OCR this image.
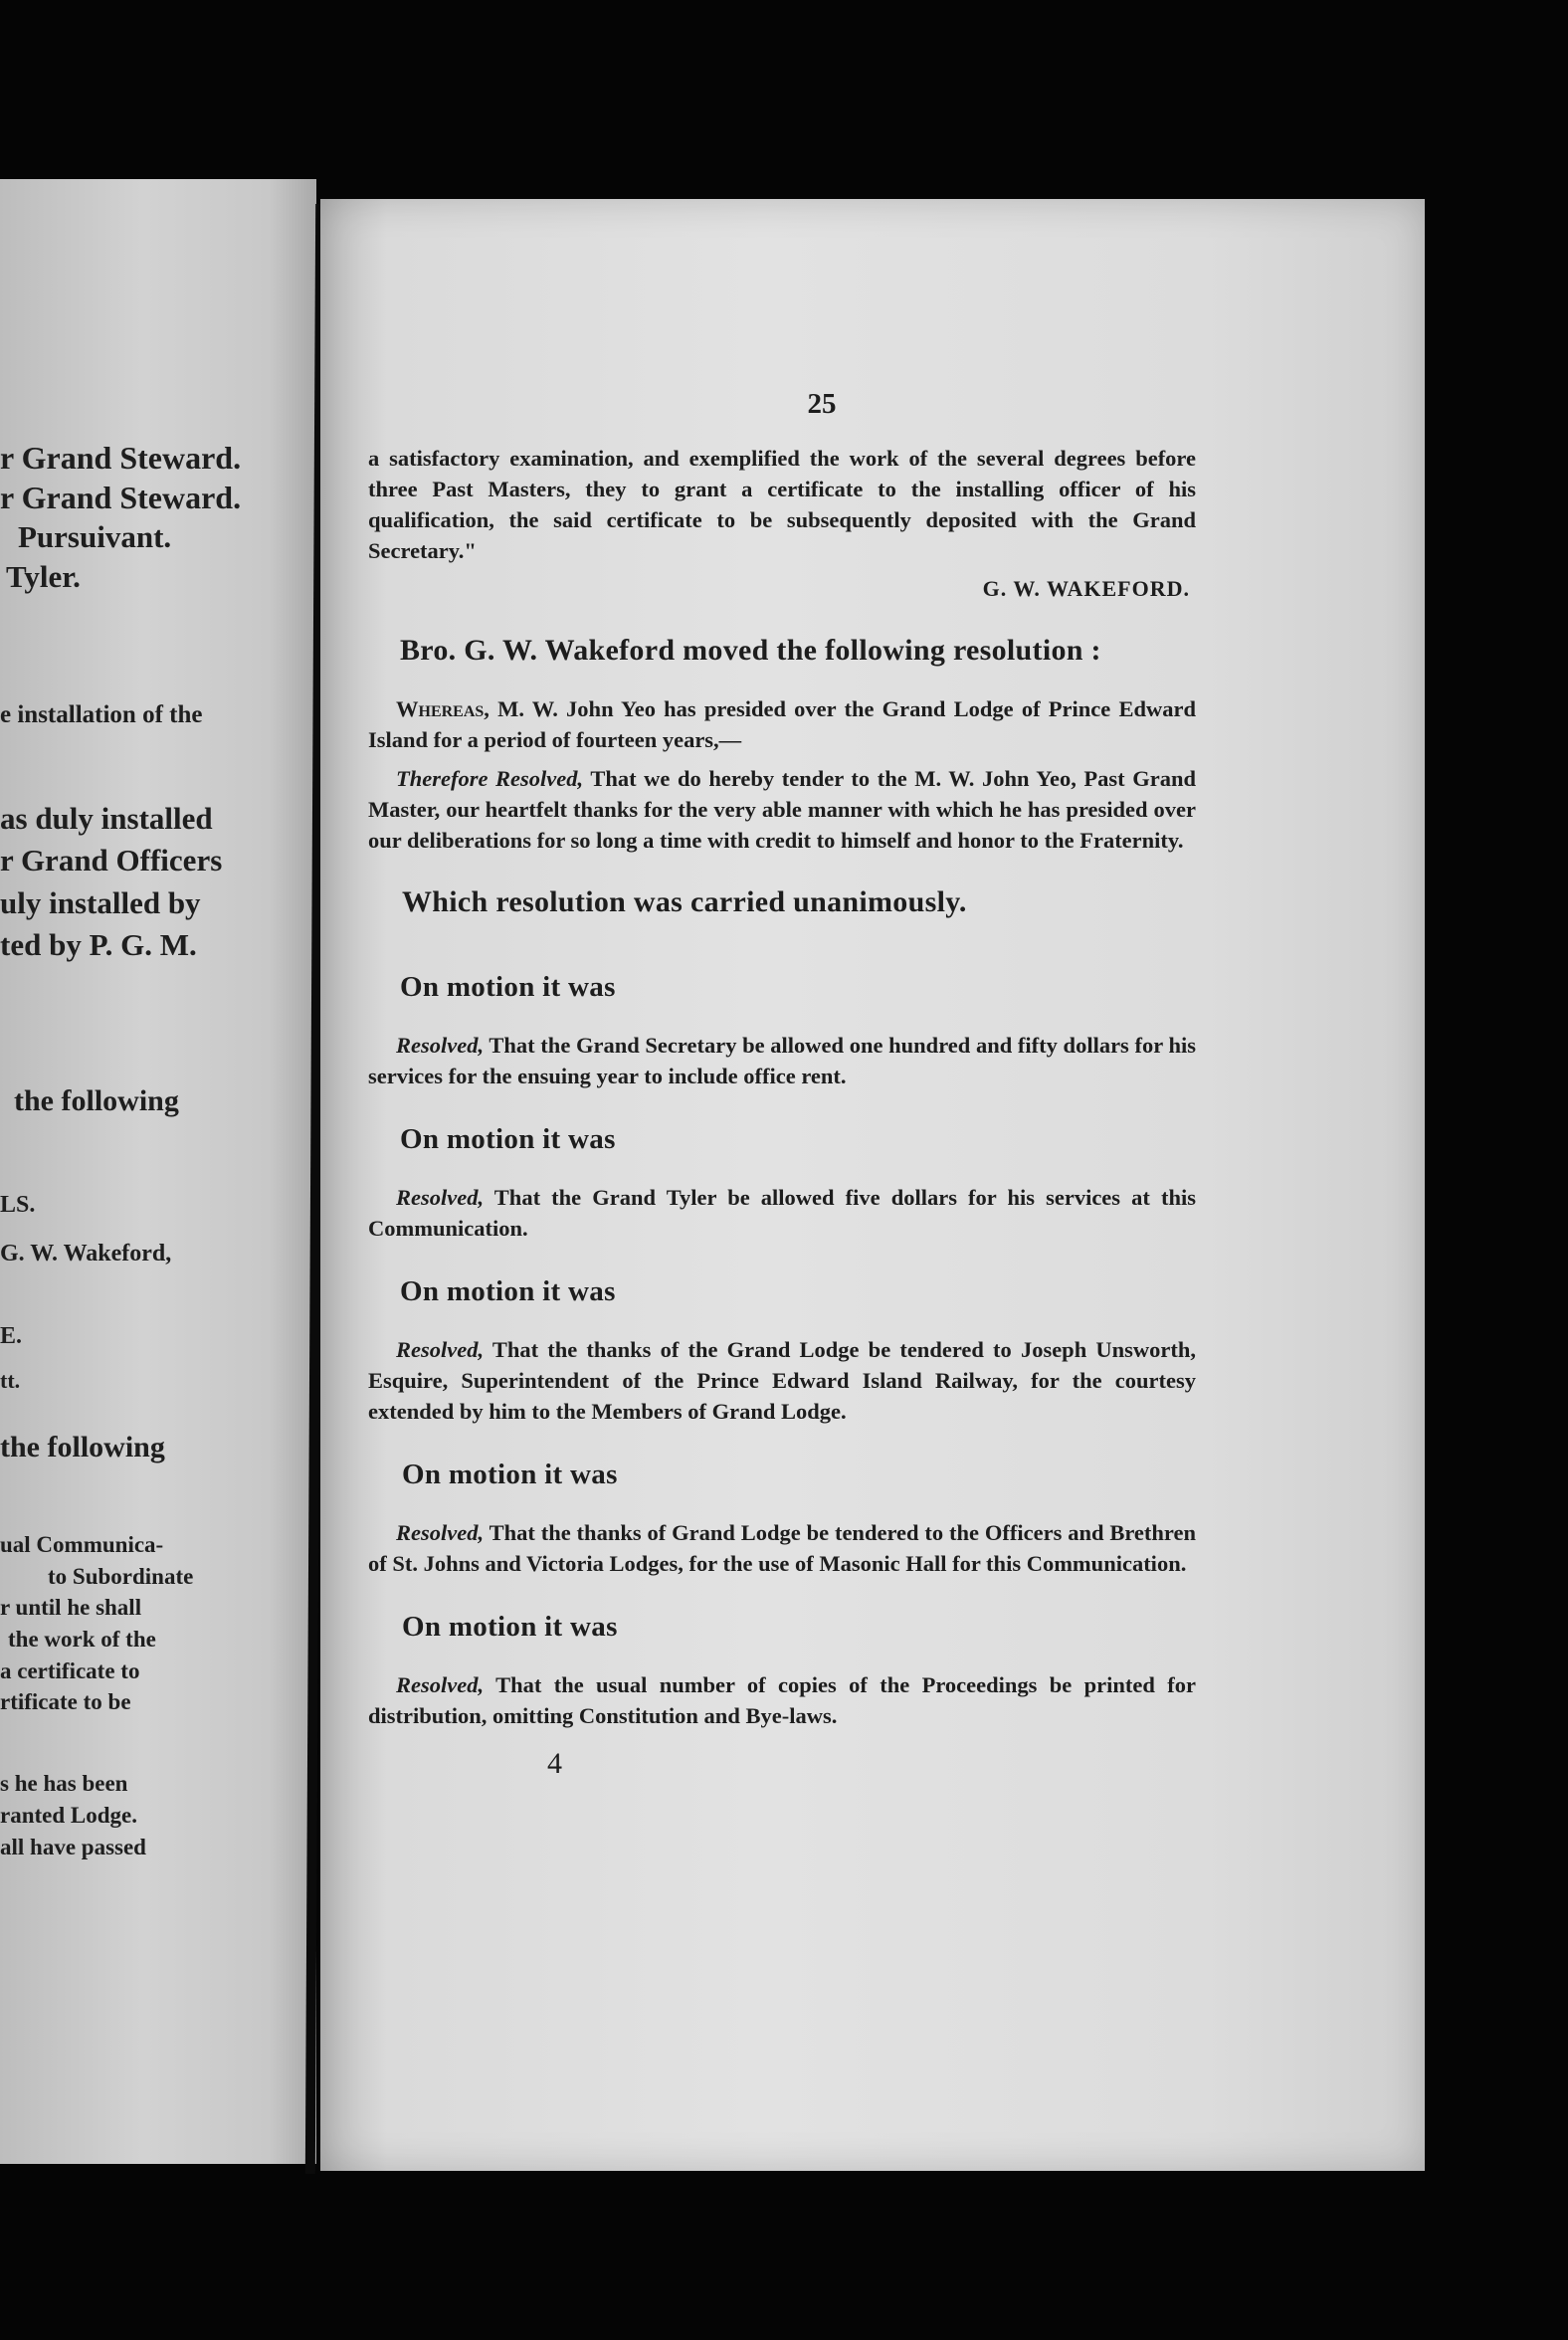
r Grand Steward.
r Grand Steward.
Pursuivant.
Tyler.
e installation of the
as duly installed
r Grand Officers
uly installed by
ted by P. G. M.
the following
LS.
G. W. Wakeford,
E.
tt.
the following
ual Communica-
to Subordinate
r until he shall
the work of the
a certificate to
rtificate to be
s he has been
ranted Lodge.
all have passed
25

a satisfactory examination, and exemplified the work of the several degrees before three Past Masters, they to grant a certificate to the installing officer of his qualification, the said certificate to be subsequently deposited with the Grand Secretary."

G. W. WAKEFORD.
Bro. G. W. Wakeford moved the following resolution :

Whereas, M. W. John Yeo has presided over the Grand Lodge of Prince Edward Island for a period of fourteen years,—

Therefore Resolved, That we do hereby tender to the M. W. John Yeo, Past Grand Master, our heartfelt thanks for the very able manner with which he has presided over our deliberations for so long a time with credit to himself and honor to the Fraternity.

Which resolution was carried unanimously.
On motion it was

Resolved, That the Grand Secretary be allowed one hundred and fifty dollars for his services for the ensuing year to include office rent.

On motion it was

Resolved, That the Grand Tyler be allowed five dollars for his services at this Communication.

On motion it was

Resolved, That the thanks of the Grand Lodge be tendered to Joseph Unsworth, Esquire, Superintendent of the Prince Edward Island Railway, for the courtesy extended by him to the Members of Grand Lodge.

On motion it was

Resolved, That the thanks of Grand Lodge be tendered to the Officers and Brethren of St. Johns and Victoria Lodges, for the use of Masonic Hall for this Communication.

On motion it was

Resolved, That the usual number of copies of the Proceedings be printed for distribution, omitting Constitution and Bye-laws.

4
